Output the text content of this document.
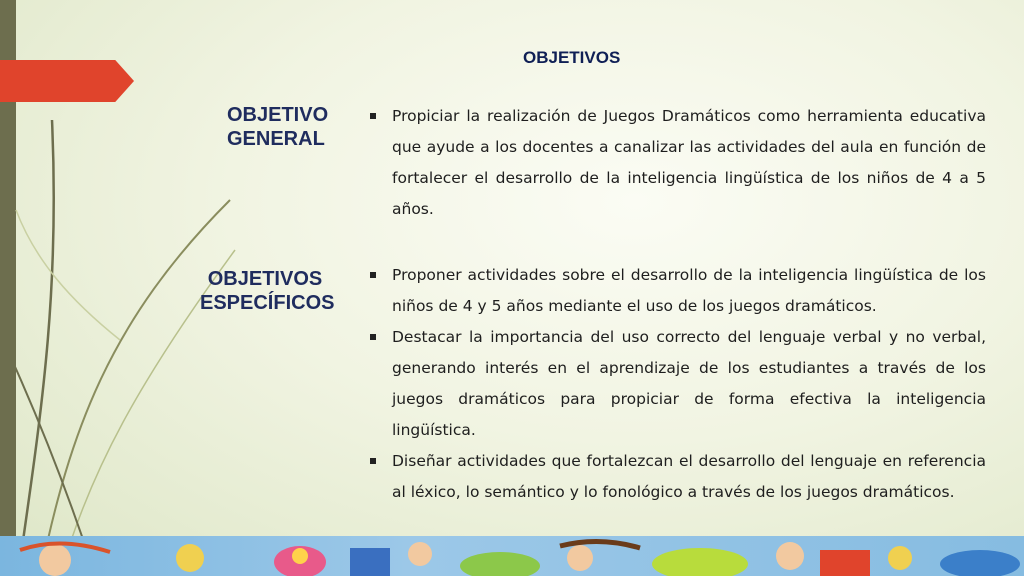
OBJETIVOS
OBJETIVO
GENERAL
Propiciar la realización de Juegos Dramáticos como herramienta educativa que ayude a los docentes a canalizar las actividades del aula en función de fortalecer el desarrollo de la inteligencia lingüística de los niños de 4 a 5 años.
OBJETIVOS
ESPECÍFICOS
Proponer actividades sobre el desarrollo de la inteligencia lingüística de los niños de 4 y 5 años mediante el uso de los juegos dramáticos.
Destacar la importancia del uso correcto del lenguaje verbal y no verbal, generando interés en el aprendizaje de los estudiantes a través de los juegos dramáticos para propiciar de forma efectiva la inteligencia lingüística.
Diseñar actividades que fortalezcan el desarrollo del lenguaje en referencia al léxico, lo semántico y lo fonológico a través de los juegos dramáticos.
